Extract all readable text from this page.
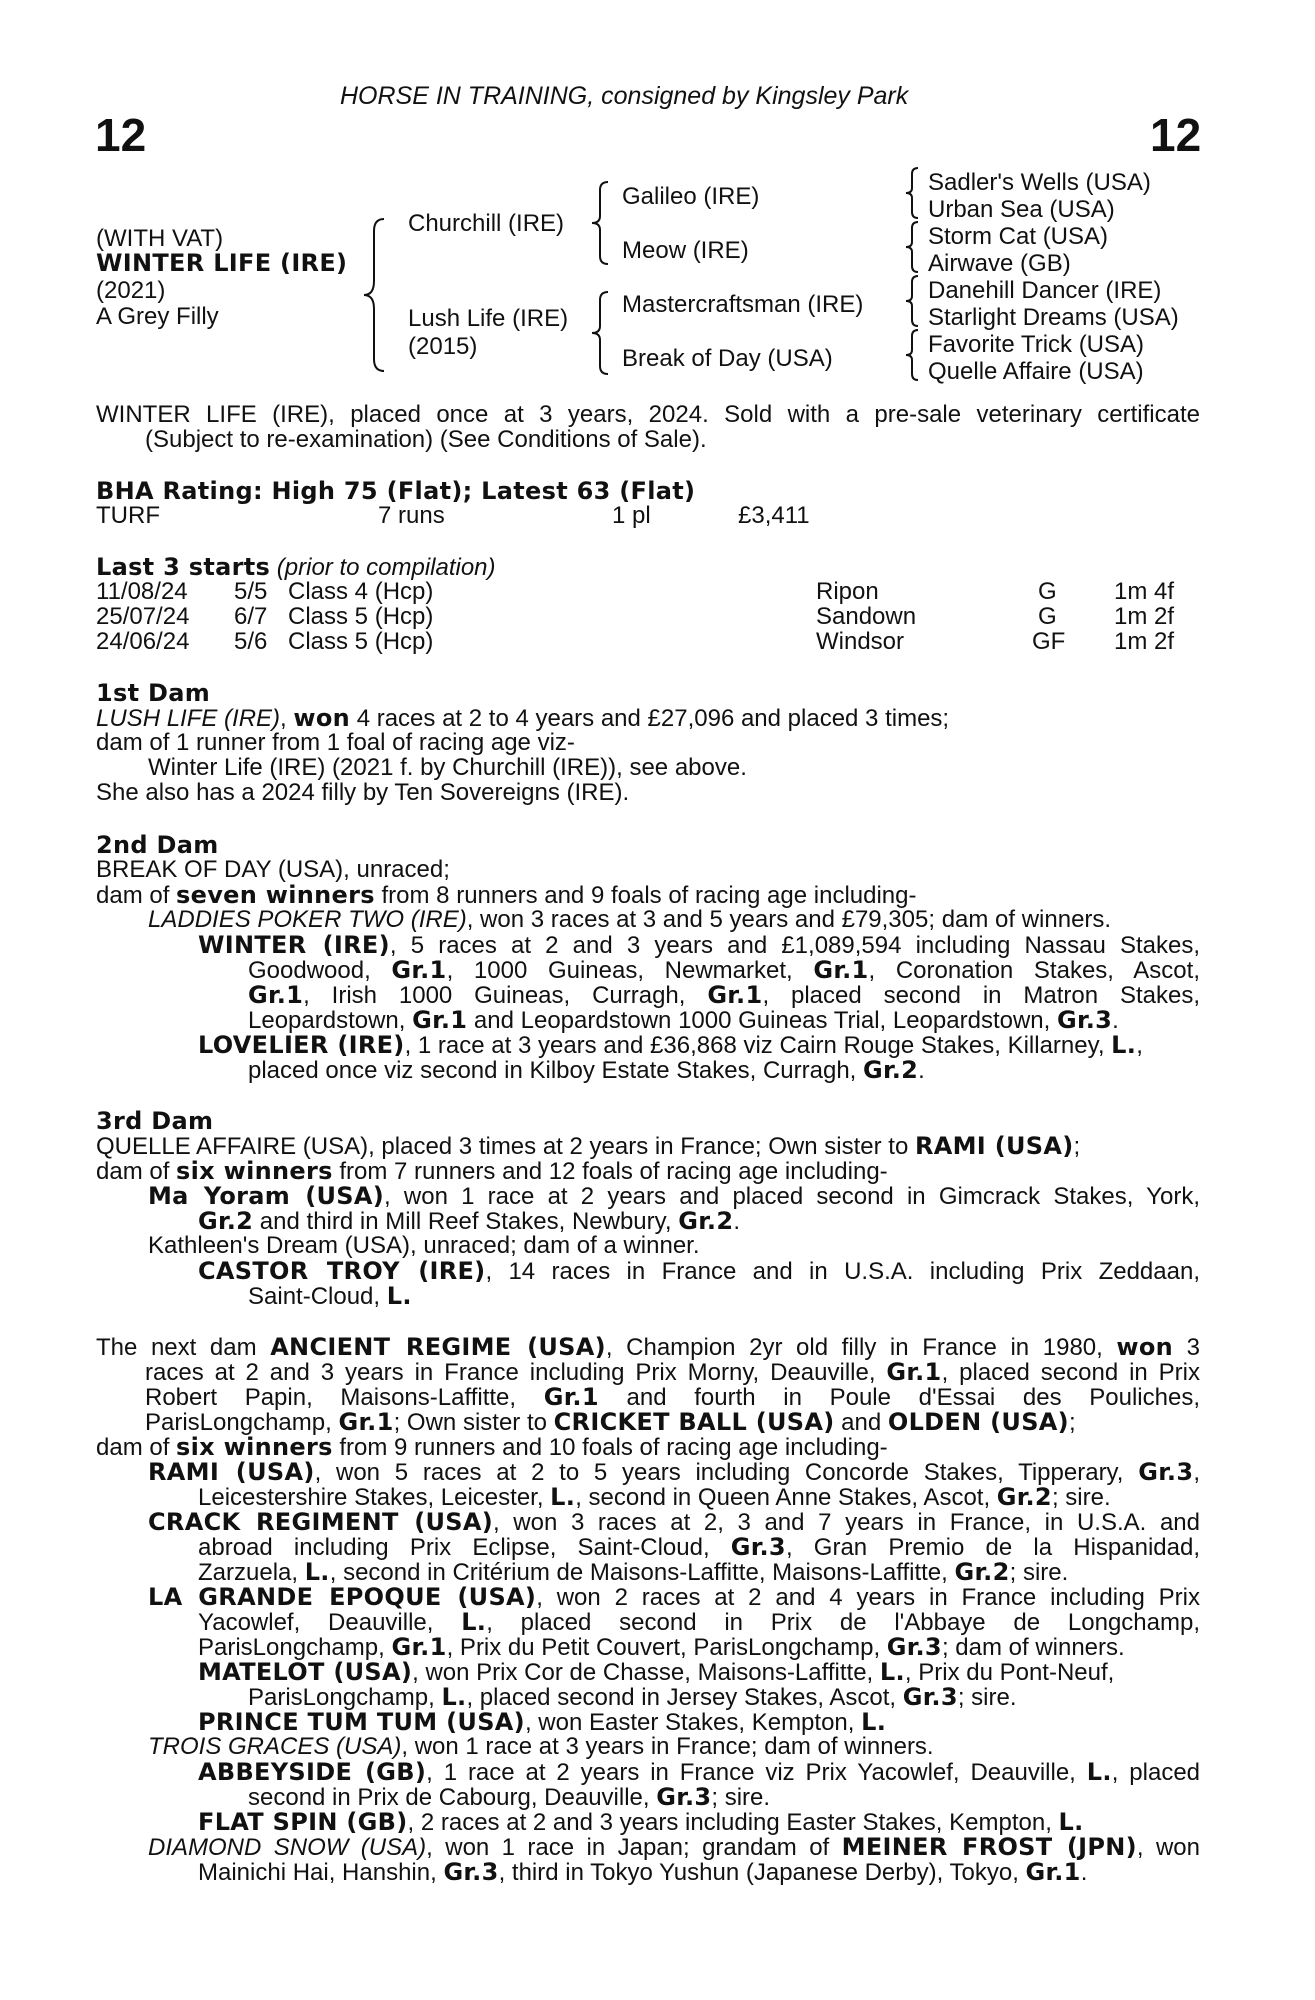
HORSE IN TRAINING, consigned by Kingsley Park
12	12
(WITH VAT)
WINTER LIFE (IRE)
(2021)
A Grey Filly
Churchill (IRE)
Lush Life (IRE)
(2015)
Galileo (IRE)
Meow (IRE)
Mastercraftsman (IRE)
Break of Day (USA)
Sadler's Wells (USA)
Urban Sea (USA)
Storm Cat (USA)
Airwave (GB)
Danehill Dancer (IRE)
Starlight Dreams (USA)
Favorite Trick (USA)
Quelle Affaire (USA)
WINTER LIFE (IRE), placed once at 3 years, 2024. Sold with a pre-sale veterinary certificate
(Subject to re-examination) (See Conditions of Sale).
BHA Rating: High 75 (Flat); Latest 63 (Flat)
TURF	7 runs	1 pl	£3,411
Last 3 starts (prior to compilation)
11/08/24 5/5 Class 4 (Hcp)	Ripon	G 1m 4f
25/07/24 6/7 Class 5 (Hcp)	Sandown	G 1m 2f
24/06/24 5/6 Class 5 (Hcp)	Windsor	GF 1m 2f
1st Dam
LUSH LIFE (IRE), won 4 races at 2 to 4 years and £27,096 and placed 3 times;
dam of 1 runner from 1 foal of racing age viz-
Winter Life (IRE) (2021 f. by Churchill (IRE)), see above.
She also has a 2024 filly by Ten Sovereigns (IRE).
2nd Dam
BREAK OF DAY (USA), unraced;
dam of seven winners from 8 runners and 9 foals of racing age including-
LADDIES POKER TWO (IRE), won 3 races at 3 and 5 years and £79,305; dam of winners.
WINTER (IRE), 5 races at 2 and 3 years and £1,089,594 including Nassau Stakes,
Goodwood, Gr.1, 1000 Guineas, Newmarket, Gr.1, Coronation Stakes, Ascot,
Gr.1, Irish 1000 Guineas, Curragh, Gr.1, placed second in Matron Stakes,
Leopardstown, Gr.1 and Leopardstown 1000 Guineas Trial, Leopardstown, Gr.3.
LOVELIER (IRE), 1 race at 3 years and £36,868 viz Cairn Rouge Stakes, Killarney, L.,
placed once viz second in Kilboy Estate Stakes, Curragh, Gr.2.
3rd Dam
QUELLE AFFAIRE (USA), placed 3 times at 2 years in France; Own sister to RAMI (USA);
dam of six winners from 7 runners and 12 foals of racing age including-
Ma Yoram (USA), won 1 race at 2 years and placed second in Gimcrack Stakes, York,
Gr.2 and third in Mill Reef Stakes, Newbury, Gr.2.
Kathleen's Dream (USA), unraced; dam of a winner.
CASTOR TROY (IRE), 14 races in France and in U.S.A. including Prix Zeddaan,
Saint-Cloud, L.
The next dam ANCIENT REGIME (USA), Champion 2yr old filly in France in 1980, won 3
races at 2 and 3 years in France including Prix Morny, Deauville, Gr.1, placed second in Prix
Robert Papin, Maisons-Laffitte, Gr.1 and fourth in Poule d'Essai des Pouliches,
ParisLongchamp, Gr.1; Own sister to CRICKET BALL (USA) and OLDEN (USA);
dam of six winners from 9 runners and 10 foals of racing age including-
RAMI (USA), won 5 races at 2 to 5 years including Concorde Stakes, Tipperary, Gr.3,
Leicestershire Stakes, Leicester, L., second in Queen Anne Stakes, Ascot, Gr.2; sire.
CRACK REGIMENT (USA), won 3 races at 2, 3 and 7 years in France, in U.S.A. and
abroad including Prix Eclipse, Saint-Cloud, Gr.3, Gran Premio de la Hispanidad,
Zarzuela, L., second in Critérium de Maisons-Laffitte, Maisons-Laffitte, Gr.2; sire.
LA GRANDE EPOQUE (USA), won 2 races at 2 and 4 years in France including Prix
Yacowlef, Deauville, L., placed second in Prix de l'Abbaye de Longchamp,
ParisLongchamp, Gr.1, Prix du Petit Couvert, ParisLongchamp, Gr.3; dam of winners.
MATELOT (USA), won Prix Cor de Chasse, Maisons-Laffitte, L., Prix du Pont-Neuf,
ParisLongchamp, L., placed second in Jersey Stakes, Ascot, Gr.3; sire.
PRINCE TUM TUM (USA), won Easter Stakes, Kempton, L.
TROIS GRACES (USA), won 1 race at 3 years in France; dam of winners.
ABBEYSIDE (GB), 1 race at 2 years in France viz Prix Yacowlef, Deauville, L., placed
second in Prix de Cabourg, Deauville, Gr.3; sire.
FLAT SPIN (GB), 2 races at 2 and 3 years including Easter Stakes, Kempton, L.
DIAMOND SNOW (USA), won 1 race in Japan; grandam of MEINER FROST (JPN), won
Mainichi Hai, Hanshin, Gr.3, third in Tokyo Yushun (Japanese Derby), Tokyo, Gr.1.
